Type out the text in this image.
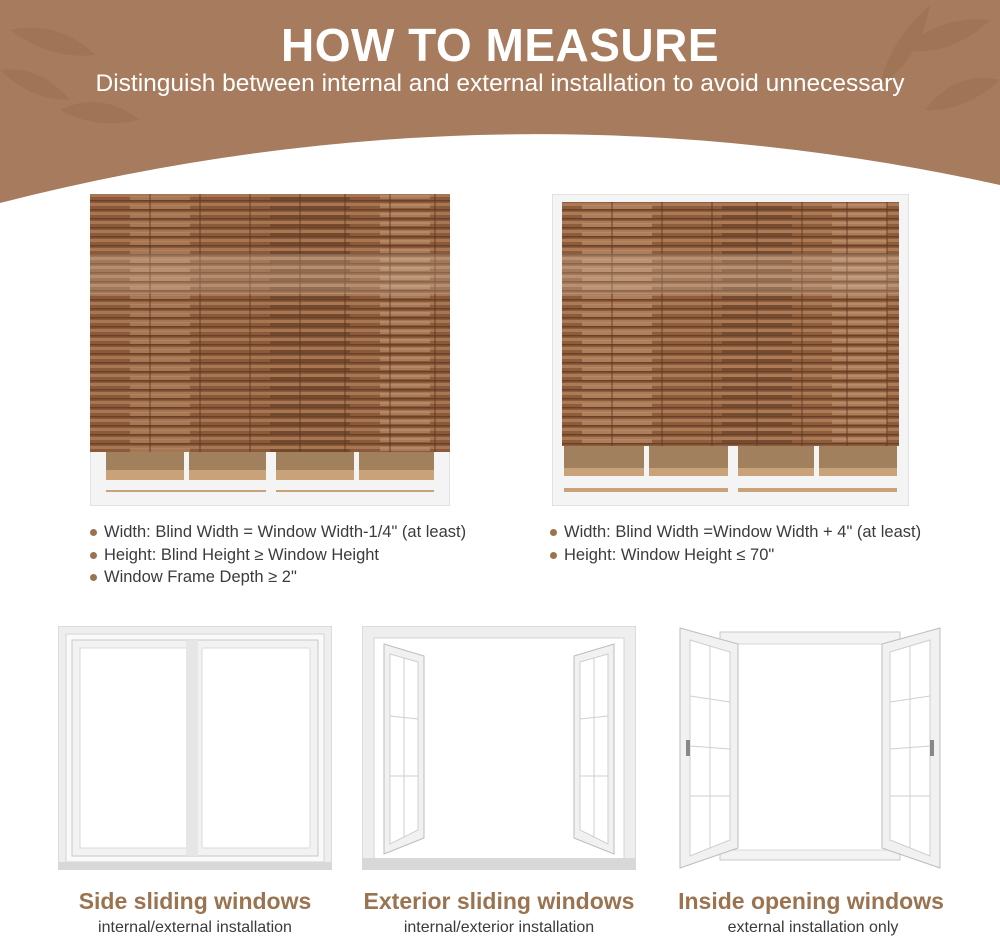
HOW TO MEASURE

Distinguish between internal and external installation to avoid unnecessary

Width: Blind Width = Window Width-1/4" (at least)
Height: Blind Height ≥ Window Height
Window Frame Depth ≥ 2"
Width: Blind Width =Window Width + 4" (at least)
Height: Window Height ≤ 70"
Side sliding windows
internal/external installation
Exterior sliding windows
internal/exterior installation
Inside opening windows
external installation only
